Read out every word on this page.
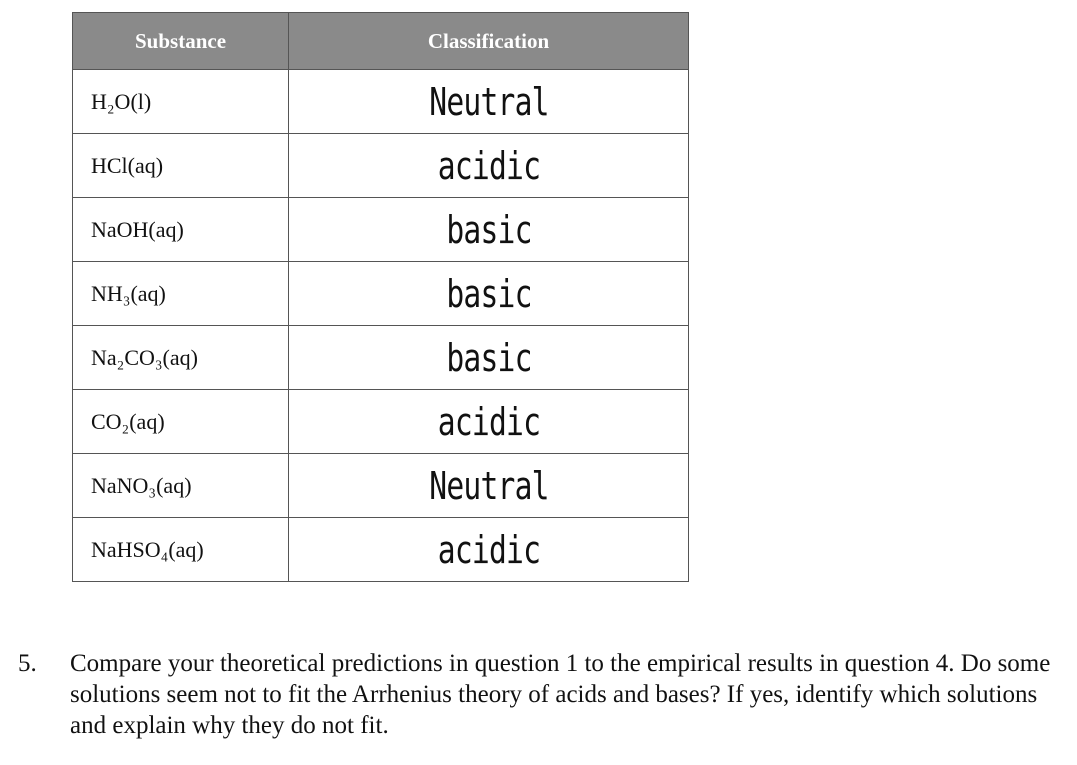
Substance	Classification
H₂O(l)	Neutral
HCl(aq)	acidic
NaOH(aq)	basic
NH₃(aq)	basic
Na₂CO₃(aq)	basic
CO₂(aq)	acidic
NaNO₃(aq)	Neutral
NaHSO₄(aq)	acidic
5. Compare your theoretical predictions in question 1 to the empirical results in question 4. Do some solutions seem not to fit the Arrhenius theory of acids and bases? If yes, identify which solutions and explain why they do not fit.
